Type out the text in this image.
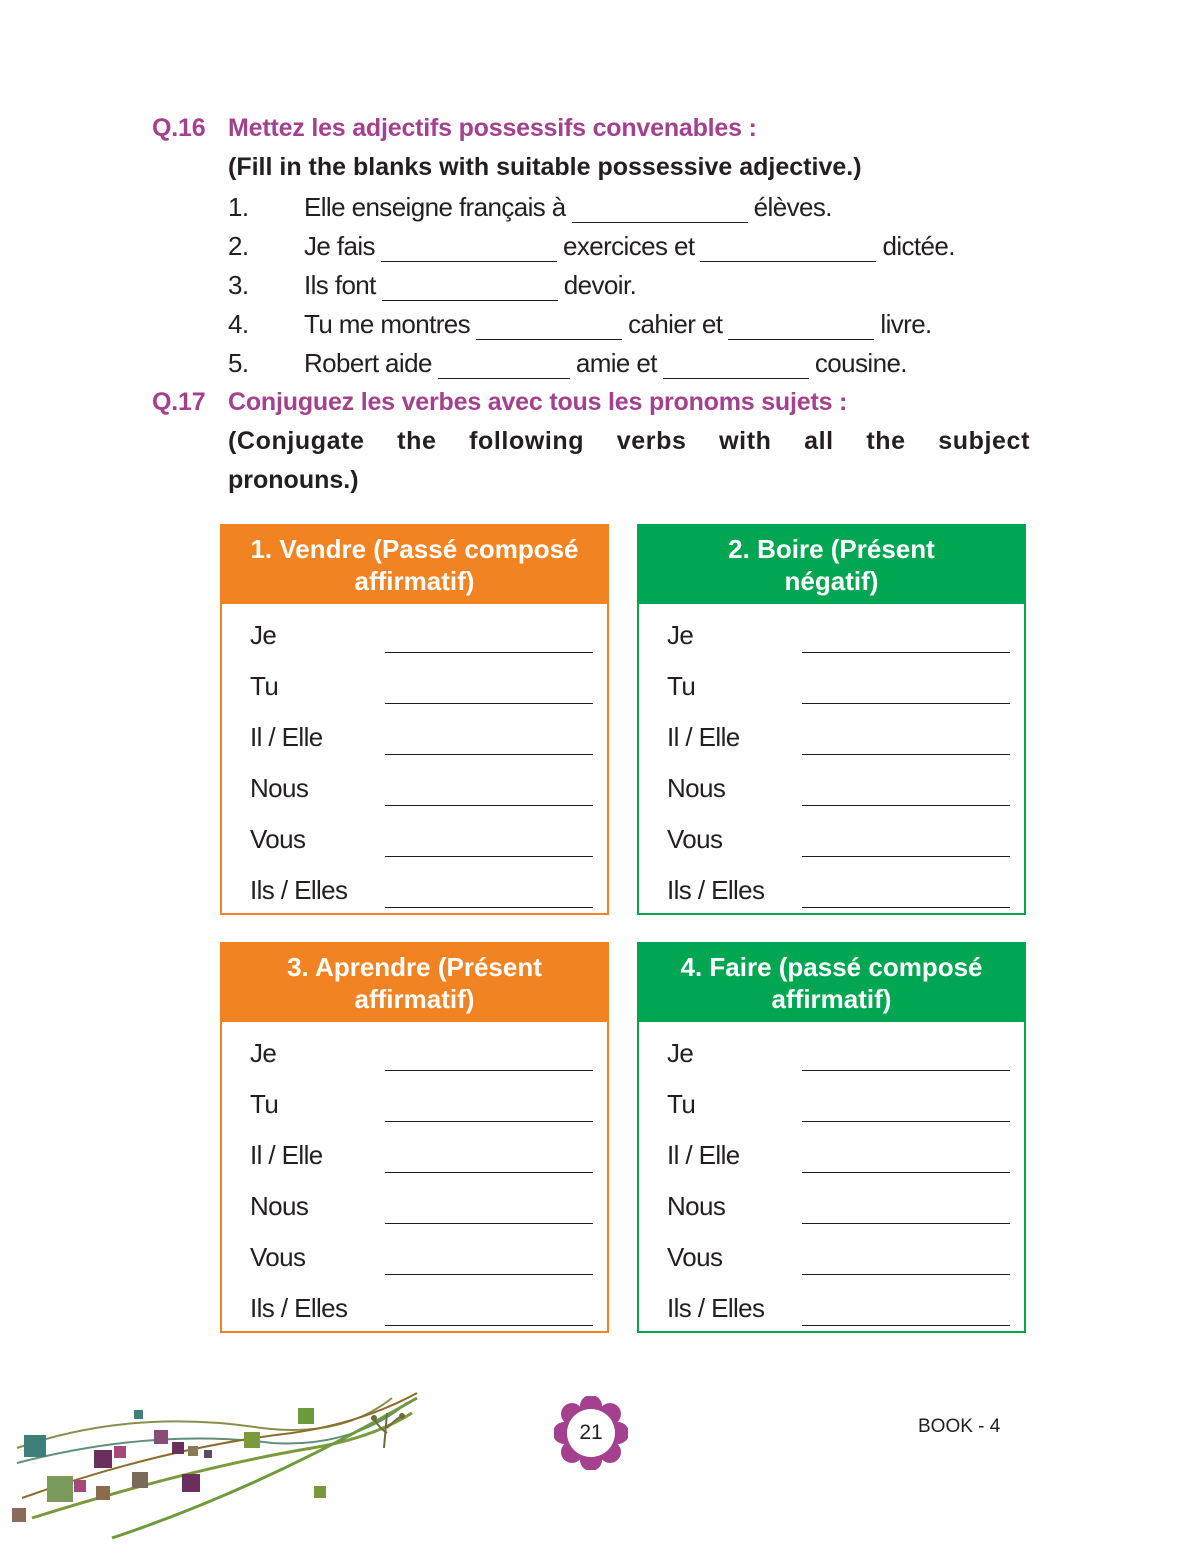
Q.16 Mettez les adjectifs possessifs convenables :
(Fill in the blanks with suitable possessive adjective.)
1.	Elle enseigne français à	élèves.
2.	Je fais	exercices et	dictée.
3.	Ils font	devoir.
4.	Tu me montres	cahier et	livre.
5.	Robert aide	amie et	cousine.
Q.17 Conjuguez les verbes avec tous les pronoms sujets :
(Conjugate the following verbs with all the subject
pronouns.)
1. Vendre (Passé composé
affirmatif)
Je
Tu
Il / Elle
Nous
Vous
Ils / Elles
2. Boire (Présent
négatif)
Je
Tu
Il / Elle
Nous
Vous
Ils / Elles
3. Aprendre (Présent
affirmatif)
Je
Tu
Il / Elle
Nous
Vous
Ils / Elles
4. Faire (passé composé
affirmatif)
Je
Tu
Il / Elle
Nous
Vous
Ils / Elles
21	BOOK - 4
